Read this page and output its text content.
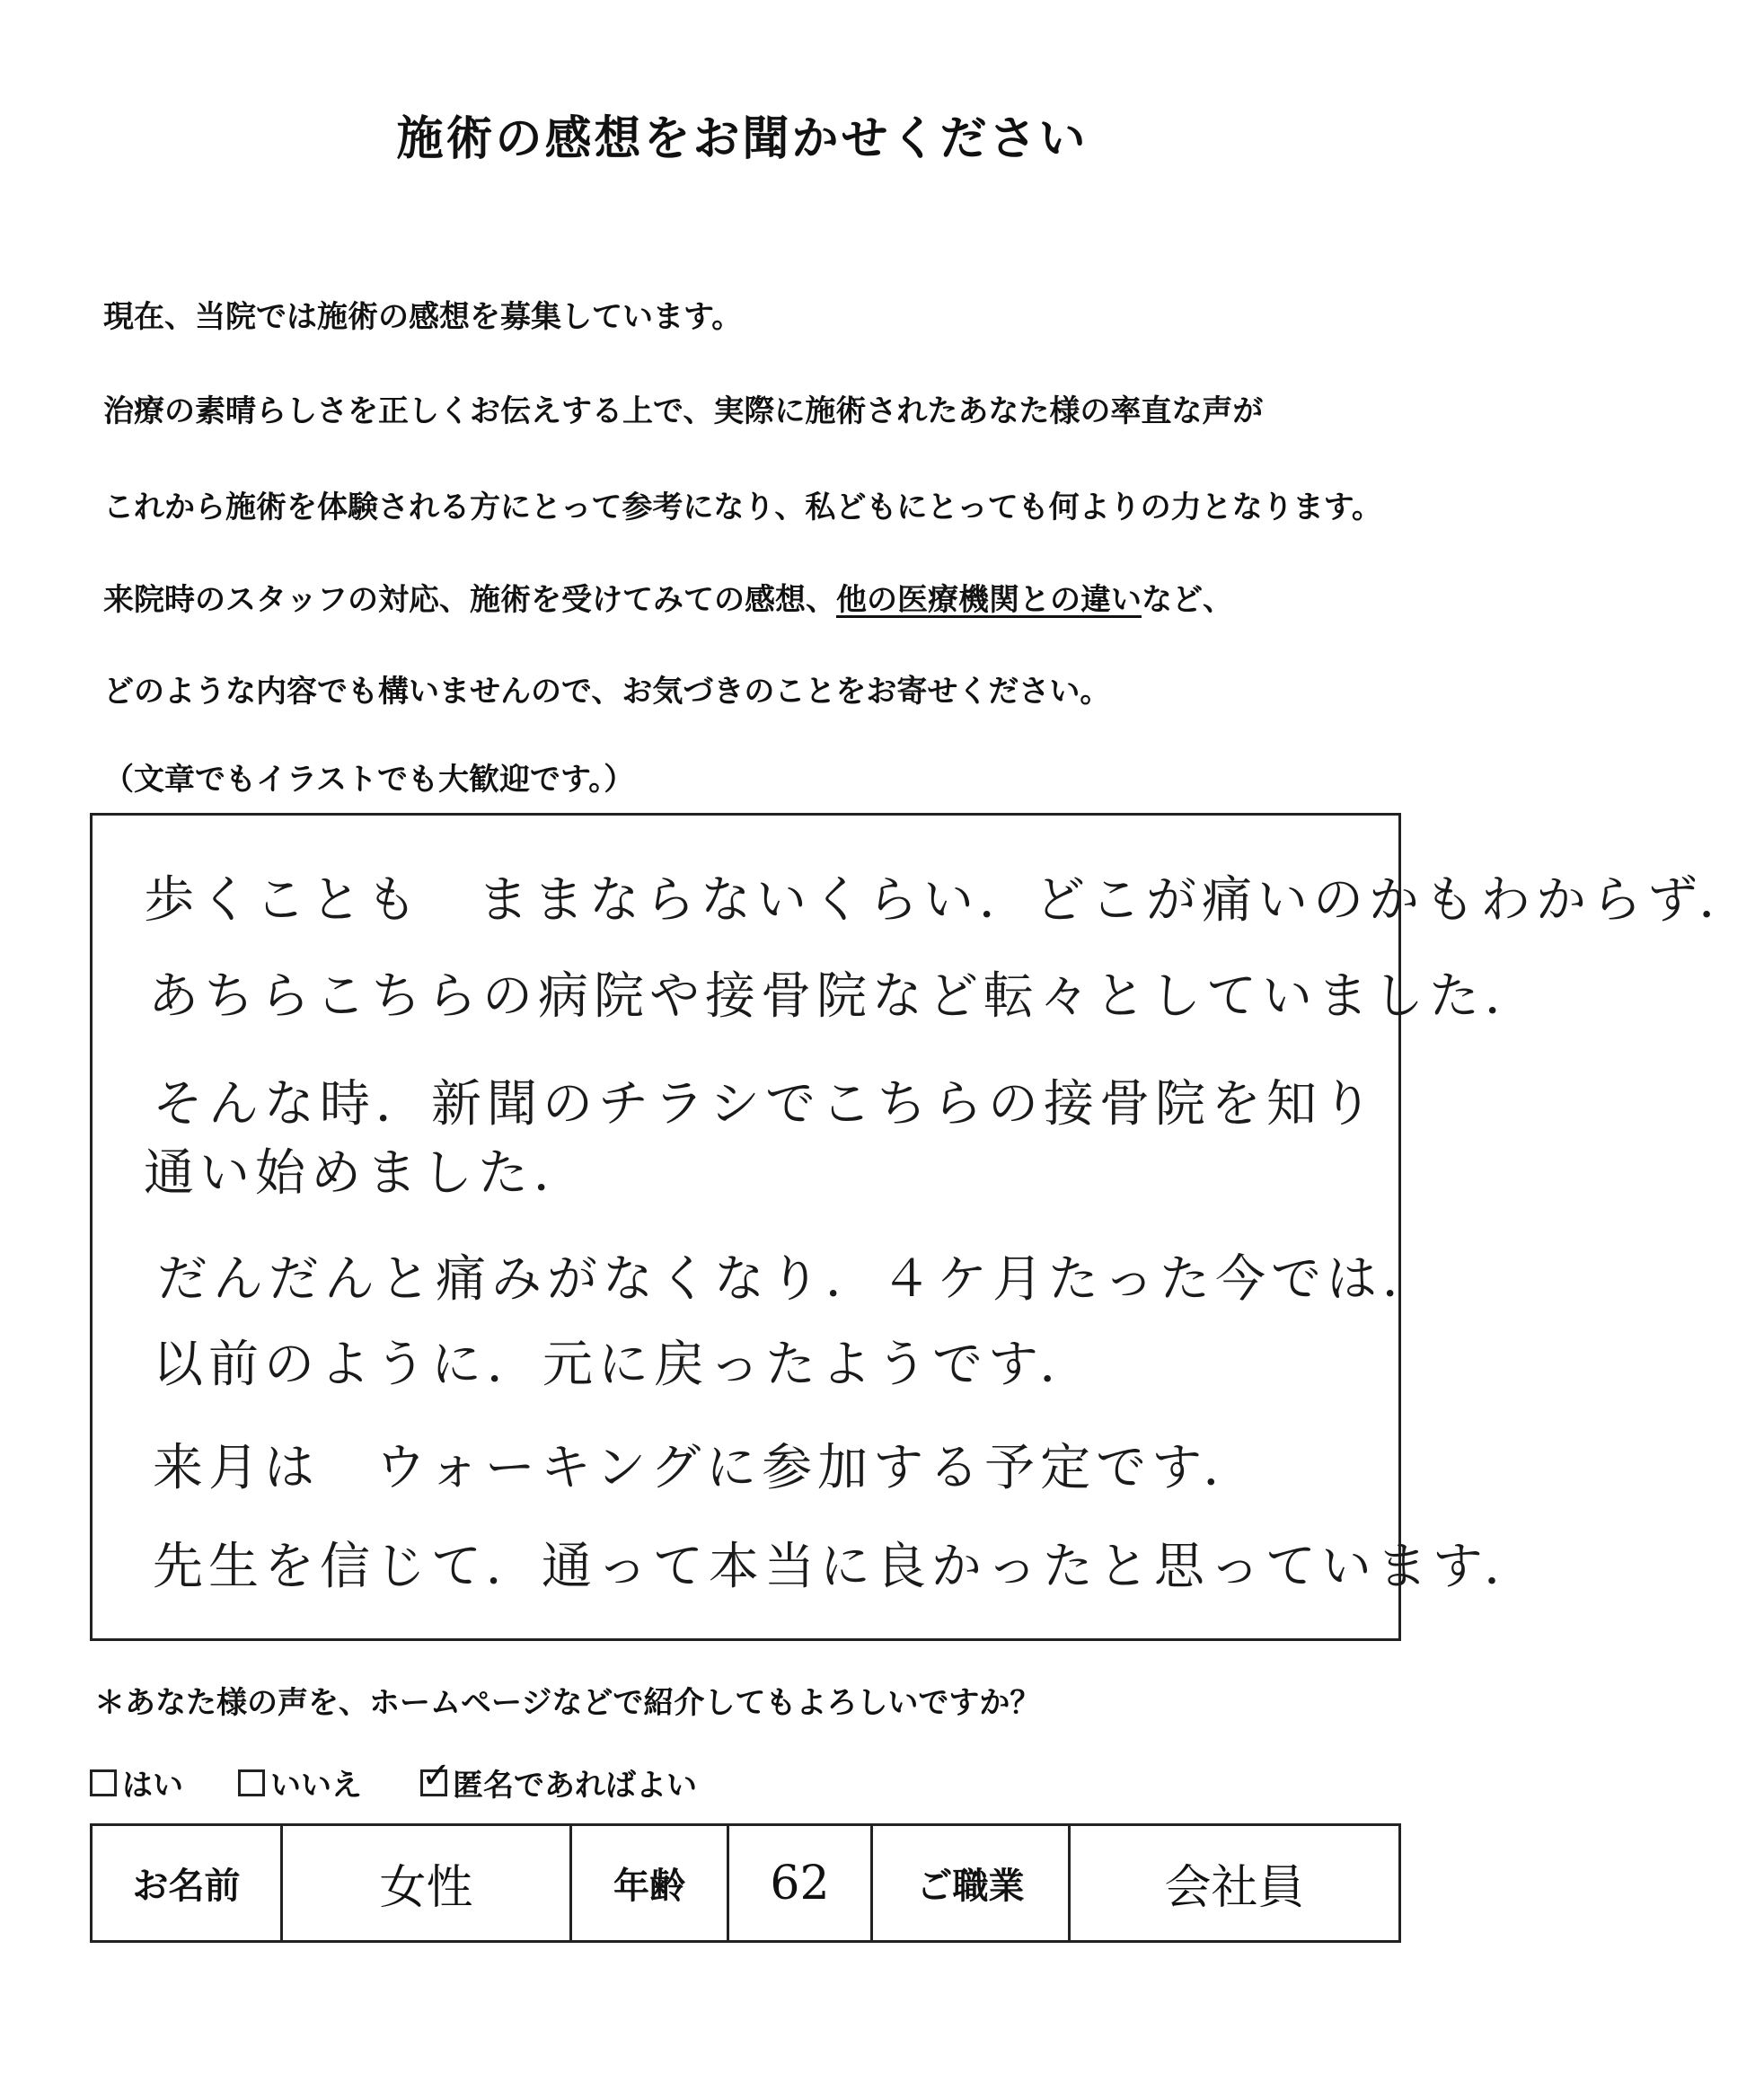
施術の感想をお聞かせください
現在、当院では施術の感想を募集しています。
治療の素晴らしさを正しくお伝えする上で、実際に施術されたあなた様の率直な声が
これから施術を体験される方にとって参考になり、私どもにとっても何よりの力となります。
来院時のスタッフの対応、施術を受けてみての感想、他の医療機関との違いなど、
どのような内容でも構いませんので、お気づきのことをお寄せください。
（文章でもイラストでも大歓迎です。）
歩くことも　ままならないくらい．どこが痛いのかもわからず．
あちらこちらの病院や接骨院など転々としていました．
そんな時．新聞のチラシでこちらの接骨院を知り
通い始めました．
だんだんと痛みがなくなり．４ケ月たった今では．
以前のように．元に戻ったようです．
来月は　ウォーキングに参加する予定です．
先生を信じて．通って本当に良かったと思っています．
＊あなた様の声を、ホームページなどで紹介してもよろしいですか？
はい	いいえ ✓ 匿名であればよい
お名前	女性	年齢	62	ご職業	会社員
